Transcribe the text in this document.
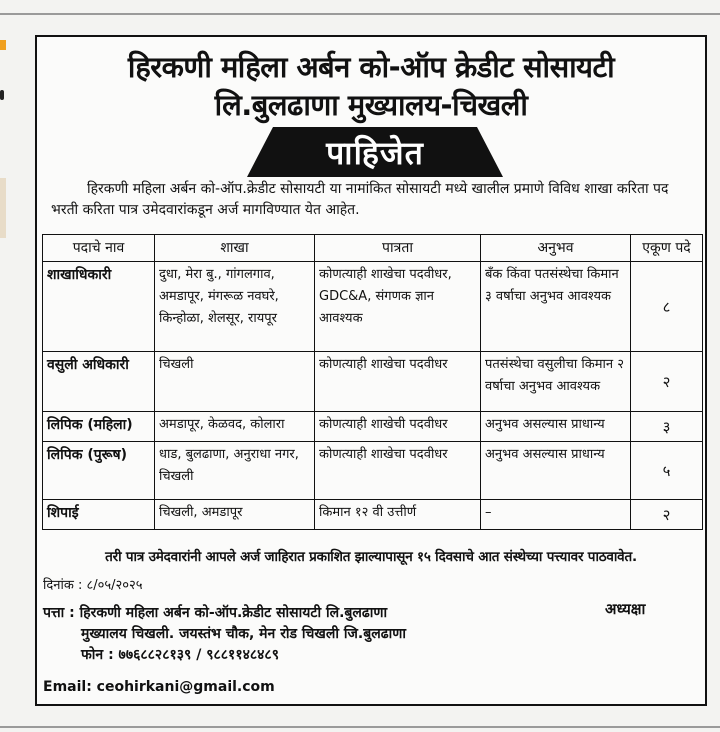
हिरकणी महिला अर्बन को-ऑप क्रेडीट सोसायटी
लि.बुलढाणा मुख्यालय-चिखली
पाहिजेत
हिरकणी महिला अर्बन को-ऑप.क्रेडीट सोसायटी या नामांकित सोसायटी मध्ये खालील प्रमाणे विविध शाखा करिता पद भरती करिता पात्र उमेदवारांकडून अर्ज मागविण्यात येत आहेत.
पदाचे नाव	शाखा	पात्रता	अनुभव	एकूण पदे
शाखाधिकारी	दुधा, मेरा बु., गांगलगाव, अमडापूर, मंगरूळ नवघरे, किन्होळा, शेलसूर, रायपूर	कोणत्याही शाखेचा पदवीधर, GDC&A, संगणक ज्ञान आवश्यक	बँक किंवा पतसंस्थेचा किमान ३ वर्षाचा अनुभव आवश्यक	८
वसुली अधिकारी	चिखली	कोणत्याही शाखेचा पदवीधर	पतसंस्थेचा वसुलीचा किमान २ वर्षाचा अनुभव आवश्यक	२
लिपिक (महिला)	अमडापूर, केळवद, कोलारा	कोणत्याही शाखेची पदवीधर	अनुभव असल्यास प्राधान्य	३
लिपिक (पुरूष)	धाड, बुलढाणा, अनुराधा नगर, चिखली	कोणत्याही शाखेचा पदवीधर	अनुभव असल्यास प्राधान्य	५
शिपाई	चिखली, अमडापूर	किमान १२ वी उत्तीर्ण	–	२
तरी पात्र उमेदवारांनी आपले अर्ज जाहिरात प्रकाशित झाल्यापासून १५ दिवसाचे आत संस्थेच्या पत्त्यावर पाठवावेत.
दिनांक : ८/०५/२०२५
पत्ता : हिरकणी महिला अर्बन को-ऑप.क्रेडीट सोसायटी लि.बुलढाणा
मुख्यालय चिखली. जयस्तंभ चौक, मेन रोड चिखली जि.बुलढाणा
फोन : ७७६८८२८१३९ / ९८८११४८४८९
अध्यक्षा
Email: ceohirkani@gmail.com
